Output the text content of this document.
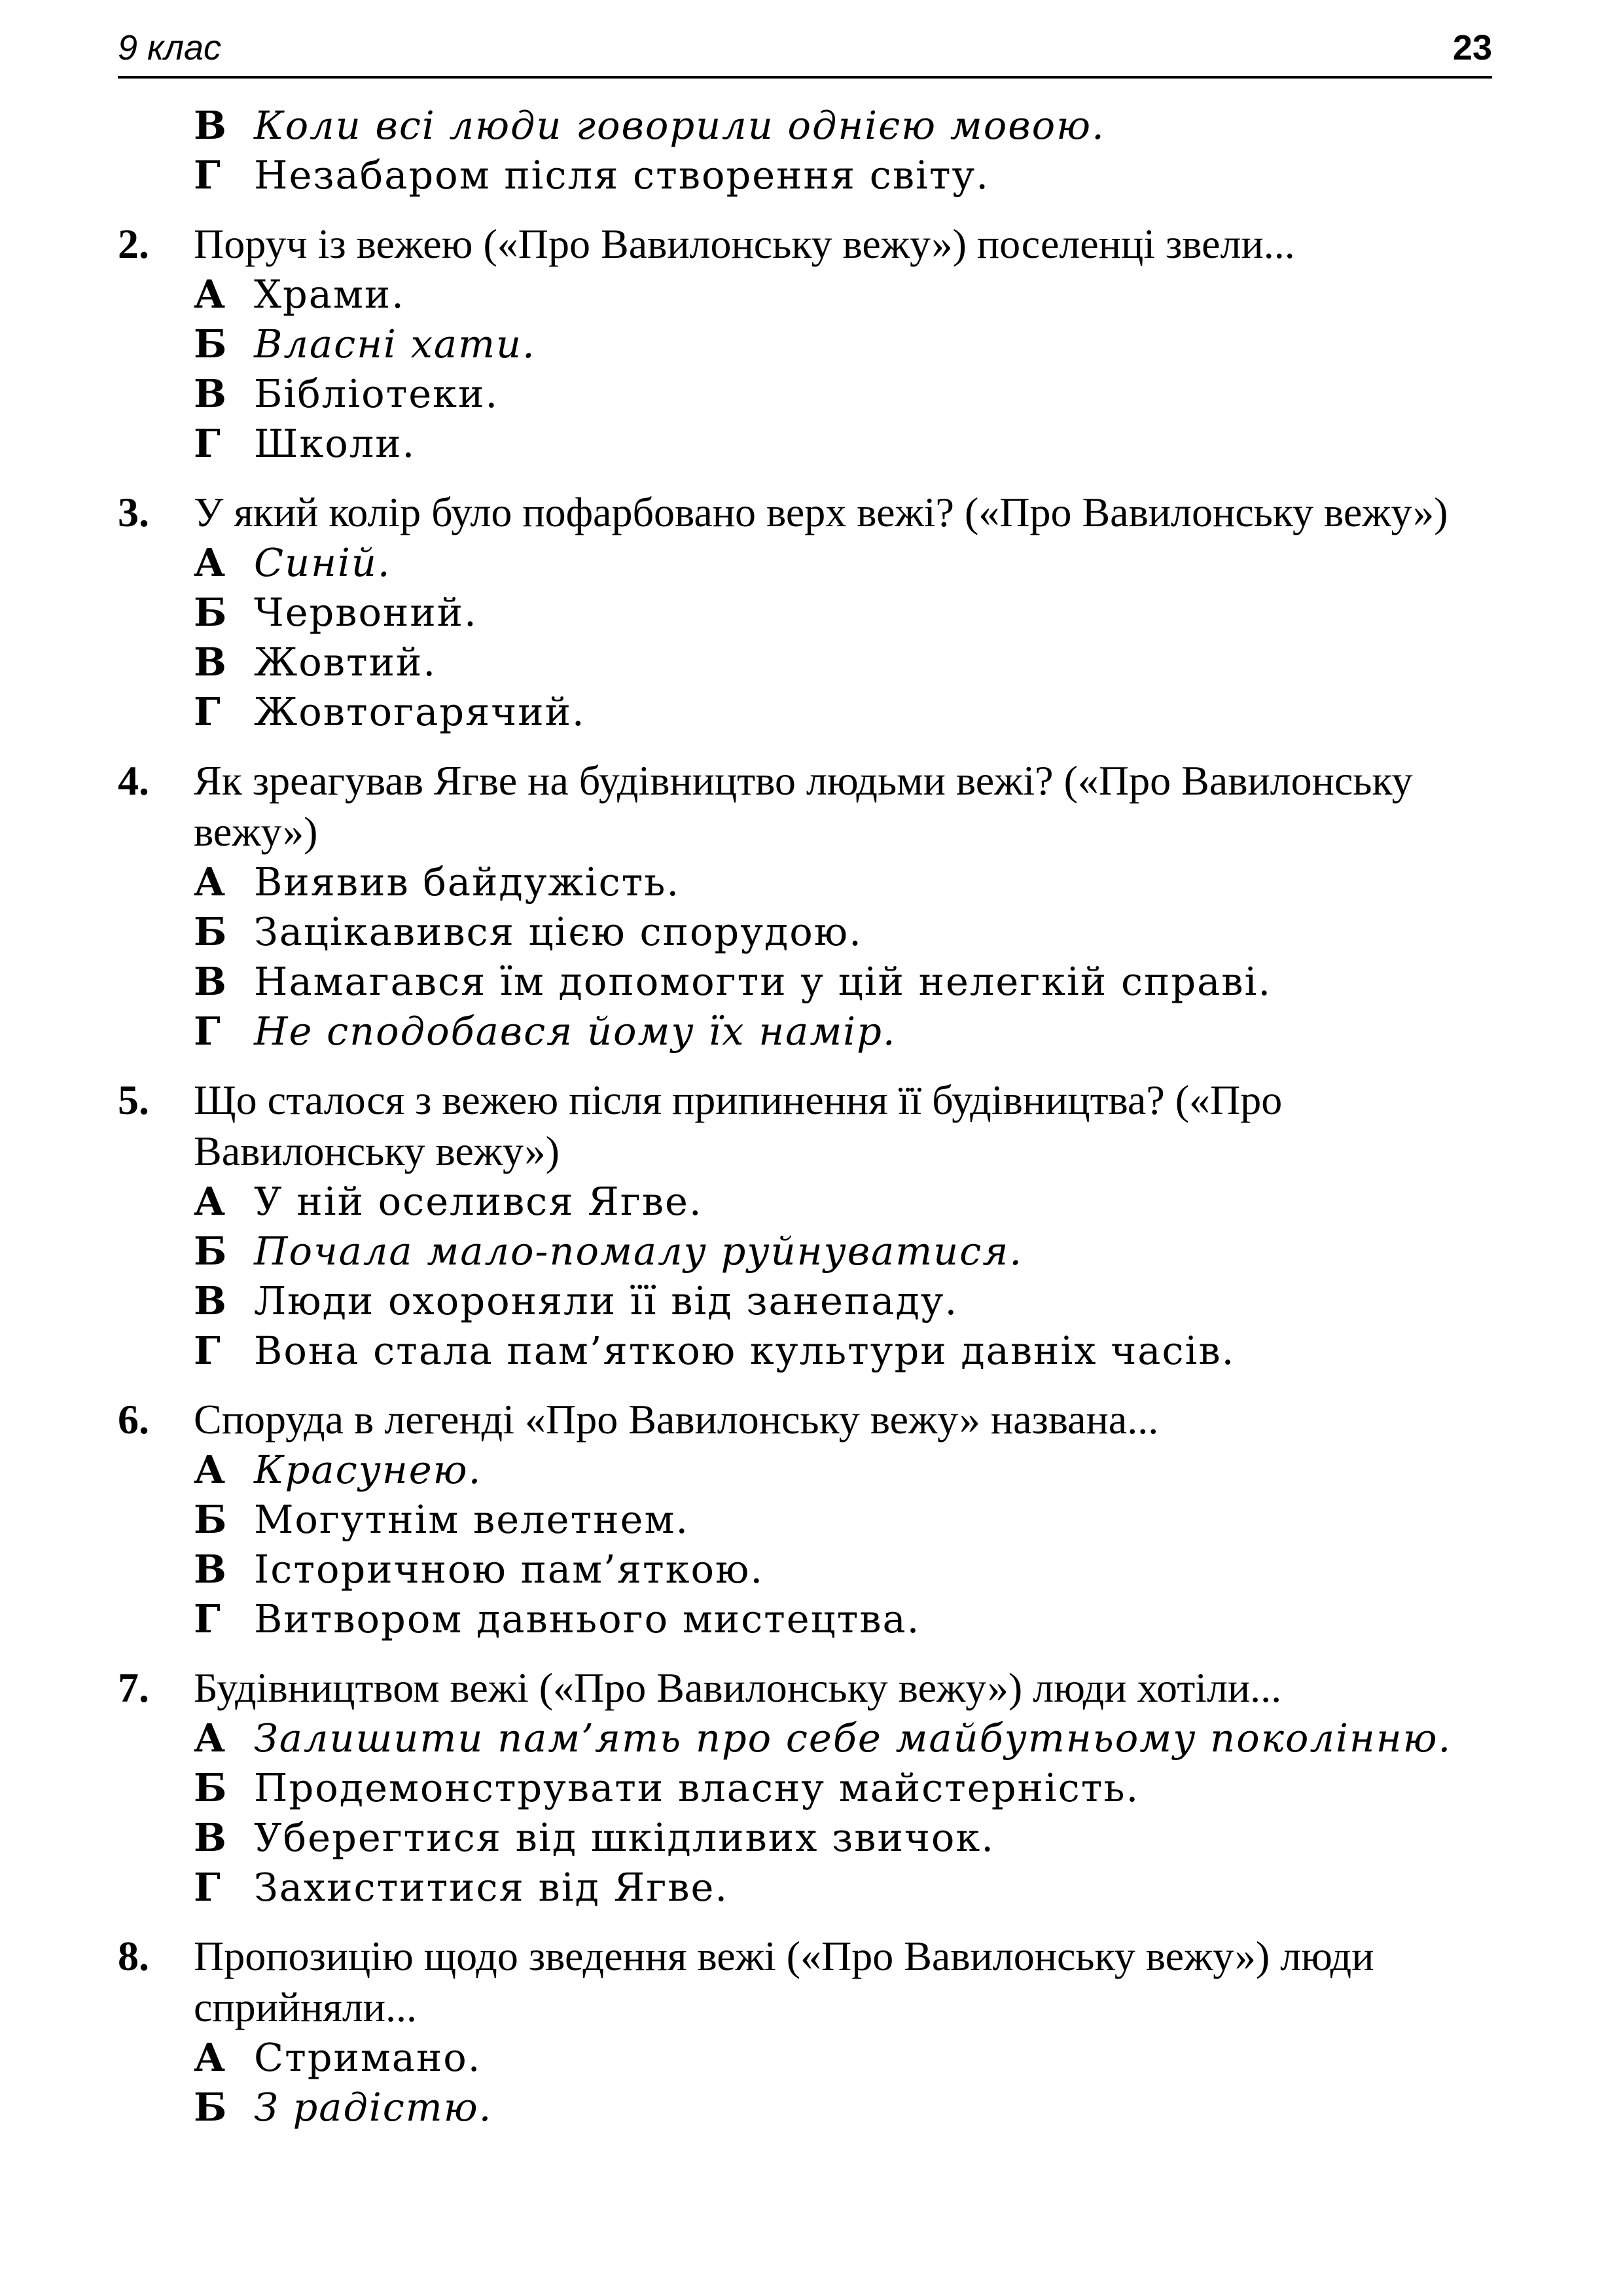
9 клас	23
В Коли всі люди говорили однією мовою.
Г Незабаром після створення світу.
2.	Поруч із вежею («Про Вавилонську вежу») поселенці звели...
А Храми.
Б Власні хати.
В Бібліотеки.
Г Школи.
3.	У який колір було пофарбовано верх вежі? («Про Вавилонську вежу»)
А Синій.
Б Червоний.
В Жовтий.
Г Жовтогарячий.
4.	Як зреагував Ягве на будівництво людьми вежі? («Про Вавилонську вежу»)
А Виявив байдужість.
Б Зацікавився цією спорудою.
В Намагався їм допомогти у цій нелегкій справі.
Г Не сподобався йому їх намір.
5.	Що сталося з вежею після припинення її будівництва? («Про Вавилонську вежу»)
А У ній оселився Ягве.
Б Почала мало-помалу руйнуватися.
В Люди охороняли її від занепаду.
Г Вона стала пам’яткою культури давніх часів.
6.	Споруда в легенді «Про Вавилонську вежу» названа...
А Красунею.
Б Могутнім велетнем.
В Історичною пам’яткою.
Г Витвором давнього мистецтва.
7.	Будівництвом вежі («Про Вавилонську вежу») люди хотіли...
А Залишити пам’ять про себе майбутньому поколінню.
Б Продемонструвати власну майстерність.
В Уберегтися від шкідливих звичок.
Г Захиститися від Ягве.
8.	Пропозицію щодо зведення вежі («Про Вавилонську вежу») люди сприйняли...
А Стримано.
Б З радістю.
